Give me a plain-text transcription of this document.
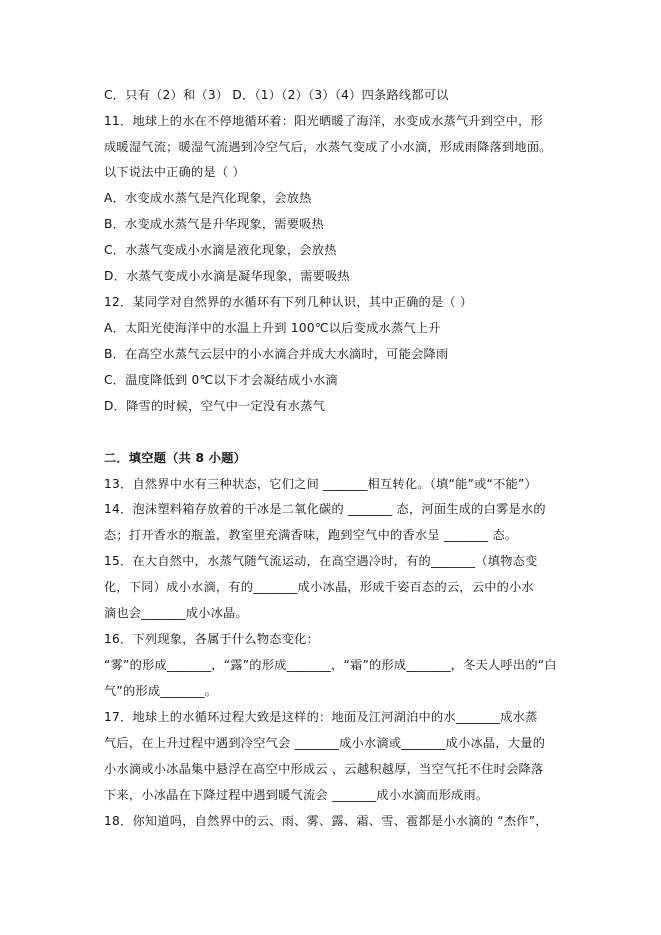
C．只有（2）和（3） D．（1）（2）（3）（4）四条路线都可以
11．地球上的水在不停地循环着：阳光晒暖了海洋，水变成水蒸气升到空中，形
成暖湿气流；暖湿气流遇到冷空气后，水蒸气变成了小水滴，形成雨降落到地面。
以下说法中正确的是（ ）
A．水变成水蒸气是汽化现象，会放热
B．水变成水蒸气是升华现象，需要吸热
C．水蒸气变成小水滴是液化现象，会放热
D．水蒸气变成小水滴是凝华现象，需要吸热
12．某同学对自然界的水循环有下列几种认识，其中正确的是（ ）
A．太阳光使海洋中的水温上升到 100℃以后变成水蒸气上升
B．在高空水蒸气云层中的小水滴合并成大水滴时，可能会降雨
C．温度降低到 0℃以下才会凝结成小水滴
D．降雪的时候，空气中一定没有水蒸气
二．填空题（共 8 小题）
13．自然界中水有三种状态，它们之间 _______相互转化。（填“能”或“不能”）
14．泡沫塑料箱存放着的干冰是二氧化碳的 _______ 态，河面生成的白雾是水的
态；打开香水的瓶盖，教室里充满香味，跑到空气中的香水呈 _______ 态。
15．在大自然中，水蒸气随气流运动，在高空遇冷时，有的_______（填物态变
化，下同）成小水滴，有的_______成小冰晶，形成千姿百态的云，云中的小水
滴也会_______成小冰晶。
16．下列现象，各属于什么物态变化：
“雾”的形成_______，“露”的形成_______，“霜”的形成_______，冬天人呼出的“白
气”的形成_______。
17．地球上的水循环过程大致是这样的：地面及江河湖泊中的水_______成水蒸
气后，在上升过程中遇到冷空气会 _______成小水滴或_______成小冰晶，大量的
小水滴或小冰晶集中悬浮在高空中形成云 ，云越积越厚，当空气托不住时会降落
下来，小冰晶在下降过程中遇到暖气流会 _______成小水滴而形成雨。
18．你知道吗，自然界中的云、雨、雾、露、霜、雪、雹都是小水滴的 “杰作”，
